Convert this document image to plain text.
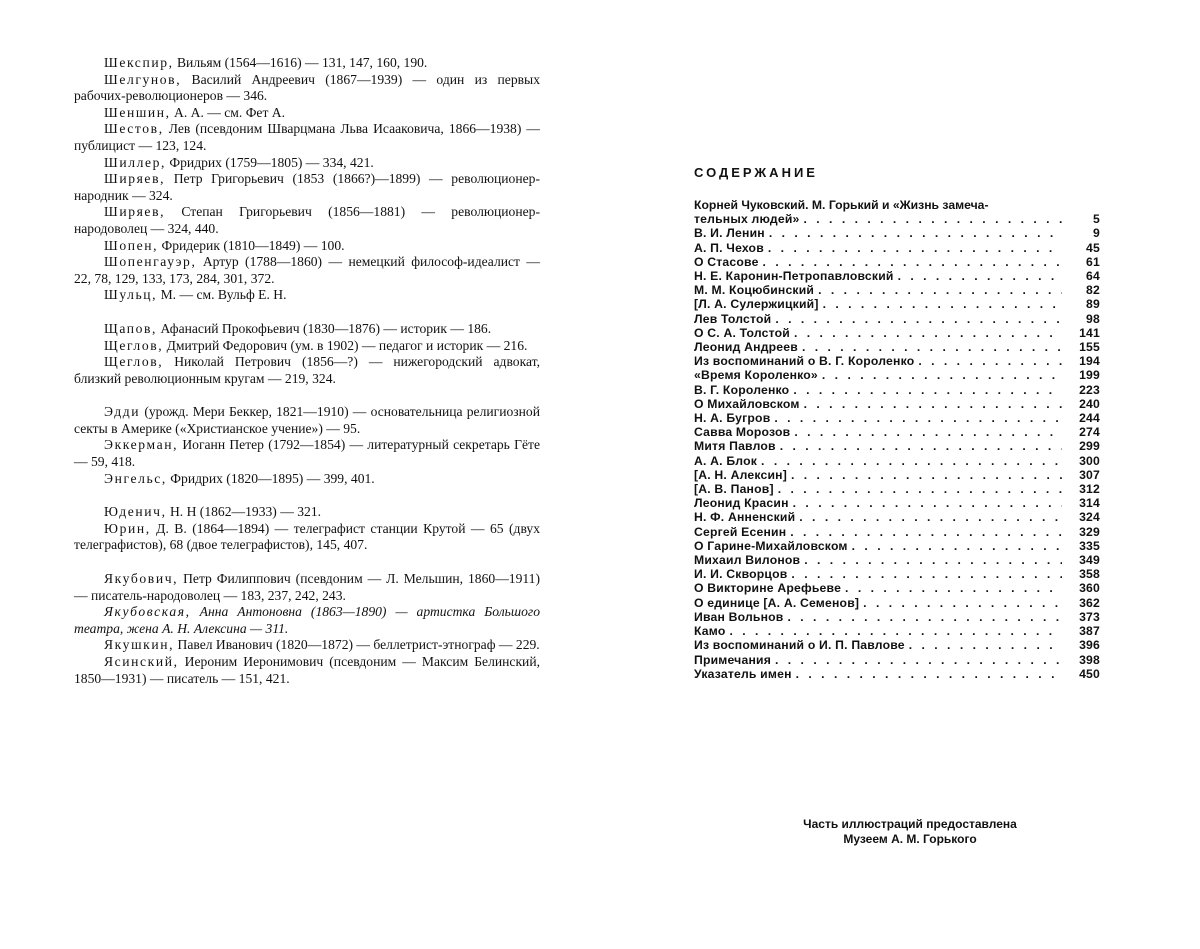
Шекспир, Вильям (1564—1616) — 131, 147, 160, 190.

Шелгунов, Василий Андреевич (1867—1939) — один из первых рабочих-революционеров — 346.

Шеншин, А. А. — см. Фет А.

Шестов, Лев (псевдоним Шварцмана Льва Исааковича, 1866—1938) — публицист — 123, 124.

Шиллер, Фридрих (1759—1805) — 334, 421.

Ширяев, Петр Григорьевич (1853 (1866?)—1899) — революционер-народник — 324.

Ширяев, Степан Григорьевич (1856—1881) — революционер-народоволец — 324, 440.

Шопен, Фридерик (1810—1849) — 100.

Шопенгауэр, Артур (1788—1860) — немецкий философ-идеалист — 22, 78, 129, 133, 173, 284, 301, 372.

Шульц, М. — см. Вульф Е. Н.

Щапов, Афанасий Прокофьевич (1830—1876) — историк — 186.

Щеглов, Дмитрий Федорович (ум. в 1902) — педагог и историк — 216.

Щеглов, Николай Петрович (1856—?) — нижегородский адвокат, близкий революционным кругам — 219, 324.

Эдди (урожд. Мери Беккер, 1821—1910) — основательница религиозной секты в Америке («Христианское учение») — 95.

Эккерман, Иоганн Петер (1792—1854) — литературный секретарь Гёте — 59, 418.

Энгельс, Фридрих (1820—1895) — 399, 401.

Юденич, Н. Н (1862—1933) — 321.

Юрин, Д. В. (1864—1894) — телеграфист станции Крутой — 65 (двух телеграфистов), 68 (двое телеграфистов), 145, 407.

Якубович, Петр Филиппович (псевдоним — Л. Мельшин, 1860—1911) — писатель-народоволец — 183, 237, 242, 243.

Якубовская, Анна Антоновна (1863—1890) — артистка Большого театра, жена А. Н. Алексина — 311.

Якушкин, Павел Иванович (1820—1872) — беллетрист-этнограф — 229.

Ясинский, Иероним Иеронимович (псевдоним — Максим Белинский, 1850—1931) — писатель — 151, 421.

СОДЕРЖАНИЕ
Корней Чуковский. М. Горький и «Жизнь замеча-
тельных людей» . . .	5
В. И. Ленин . . .	9
А. П. Чехов . . .	45
О Стасове . . .	61
Н. Е. Каронин-Петропавловский . . .	64
М. М. Коцюбинский . . .	82
[Л. А. Сулержицкий] . . .	89
Лев Толстой . . .	98
О С. А. Толстой . . .	141
Леонид Андреев . . .	155
Из воспоминаний о В. Г. Короленко . . .	194
«Время Короленко» . . .	199
В. Г. Короленко . . .	223
О Михайловском . . .	240
Н. А. Бугров . . .	244
Савва Морозов . . .	274
Митя Павлов . . .	299
А. А. Блок . . .	300
[А. Н. Алексин] . . .	307
[А. В. Панов] . . .	312
Леонид Красин . . .	314
Н. Ф. Анненский . . .	324
Сергей Есенин . . .	329
О Гарине-Михайловском . . .	335
Михаил Вилонов . . .	349
И. И. Скворцов . . .	358
О Викторине Арефьеве . . .	360
О единице [А. А. Семенов] . . .	362
Иван Вольнов . . .	373
Камо . . .	387
Из воспоминаний о И. П. Павлове . . .	396
Примечания . . .	398
Указатель имен . . .	450
Часть иллюстраций предоставлена
Музеем А. М. Горького
